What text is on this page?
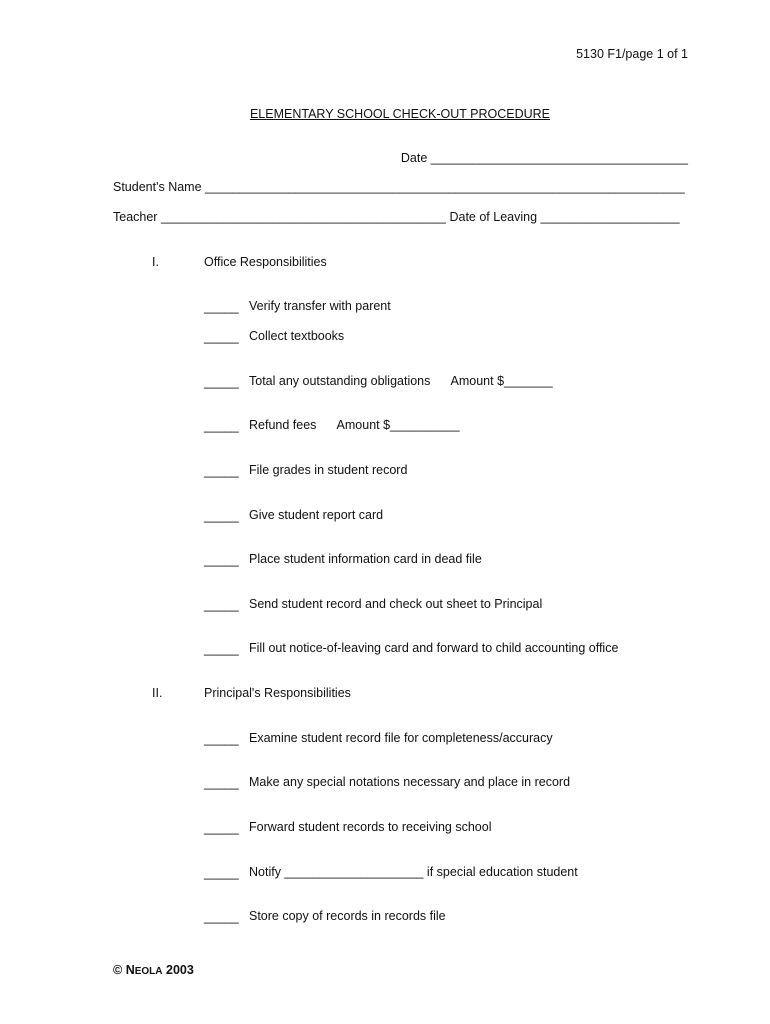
5130 F1/page 1 of 1
ELEMENTARY SCHOOL CHECK-OUT PROCEDURE
Date _____________________________________
Student's Name _____________________________________________________________________
Teacher _________________________________________ Date of Leaving ____________________
I.	Office Responsibilities
_____ Verify transfer with parent
_____ Collect textbooks
_____ Total any outstanding obligations      Amount $_______
_____ Refund fees      Amount $__________
_____ File grades in student record
_____ Give student report card
_____ Place student information card in dead file
_____ Send student record and check out sheet to Principal
_____ Fill out notice-of-leaving card and forward to child accounting office
II.	Principal's Responsibilities
_____ Examine student record file for completeness/accuracy
_____ Make any special notations necessary and place in record
_____ Forward student records to receiving school
_____ Notify ____________________ if special education student
_____ Store copy of records in records file
© NEOLA 2003
